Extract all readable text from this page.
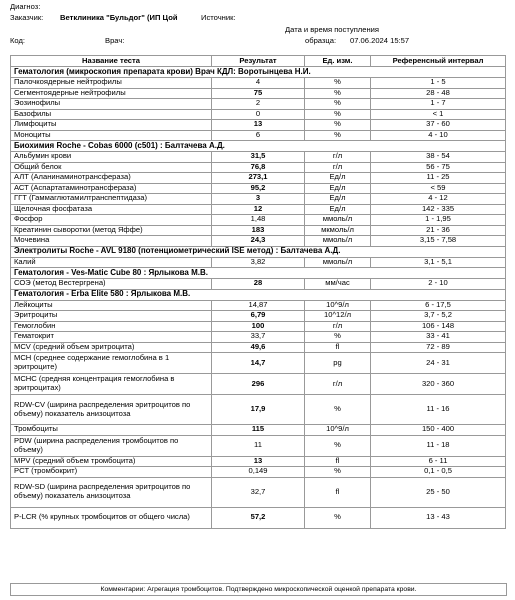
Диагноз:
Заказчик: Ветклиника "Бульдог" (ИП Цой	Источник:
Дата и время поступления
Код:	Врач:	образца: 07.06.2024 15:57
Название теста	Результат	Ед. изм.	Референсный интервал
Гематология (микроскопия препарата крови) Врач КДЛ: Воротынцева Н.И.			
Палочкоядерные нейтрофилы	4	%	1 - 5
Сегментоядерные нейтрофилы	75	%	28 - 48
Эозинофилы	2	%	1 - 7
Базофилы	0	%	< 1
Лимфоциты	13	%	37 - 60
Моноциты	6	%	4 - 10
Биохимия Roche - Cobas 6000 (c501) : Балтачева А.Д.			
Альбумин крови	31,5	г/л	38 - 54
Общий белок	76,8	г/л	56 - 75
АЛТ (Аланинаминотрансфераза)	273,1	Ед/л	11 - 25
АСТ (Аспартатаминотрансфераза)	95,2	Ед/л	< 59
ГГТ (Гаммаглютамилтранспептидаза)	3	Ед/л	4 - 12
Щелочная фосфатаза	12	Ед/л	142 - 335
Фосфор	1,48	ммоль/л	1 - 1,95
Креатинин сыворотки (метод Яффе)	183	мкмоль/л	21 - 36
Мочевина	24,3	ммоль/л	3,15 - 7,58
Электролиты Roche - AVL 9180 (потенциометрический ISE метод) : Балтачева А.Д.			
Калий	3,82	ммоль/л	3,1 - 5,1
Гематология - Ves-Matic Cube 80 : Ярлыкова М.В.			
СОЭ (метод Вестергрена)	28	мм/час	2 - 10
Гематология - Erba Elite 580 : Ярлыкова М.В.			
Лейкоциты	14,87	10^9/л	6 - 17,5
Эритроциты	6,79	10^12/л	3,7 - 5,2
Гемоглобин	100	г/л	106 - 148
Гематокрит	33,7	%	33 - 41
MCV (средний объем эритроцита)	49,6	fl	72 - 89
МСН (среднее содержание гемоглобина в 1 эритроците)	14,7	pg	24 - 31
МСНС (средняя концентрация гемоглобина в эритроцитах)	296	г/л	320 - 360
RDW-CV (ширина распределения эритроцитов по объему) показатель анизоцитоза	17,9	%	11 - 16
Тромбоциты	115	10^9/л	150 - 400
PDW (ширина распределения тромбоцитов по объему)	11	%	11 - 18
MPV (средний объем тромбоцита)	13	fl	6 - 11
PCT (тромбокрит)	0,149	%	0,1 - 0,5
RDW-SD (ширина распределения эритроцитов по объему) показатель анизоцитоза	32,7	fl	25 - 50
P-LCR (% крупных тромбоцитов от общего числа)	57,2	%	13 - 43
Комментарии: Агрегация тромбоцитов. Подтверждено микроскопической оценкой препарата крови.
